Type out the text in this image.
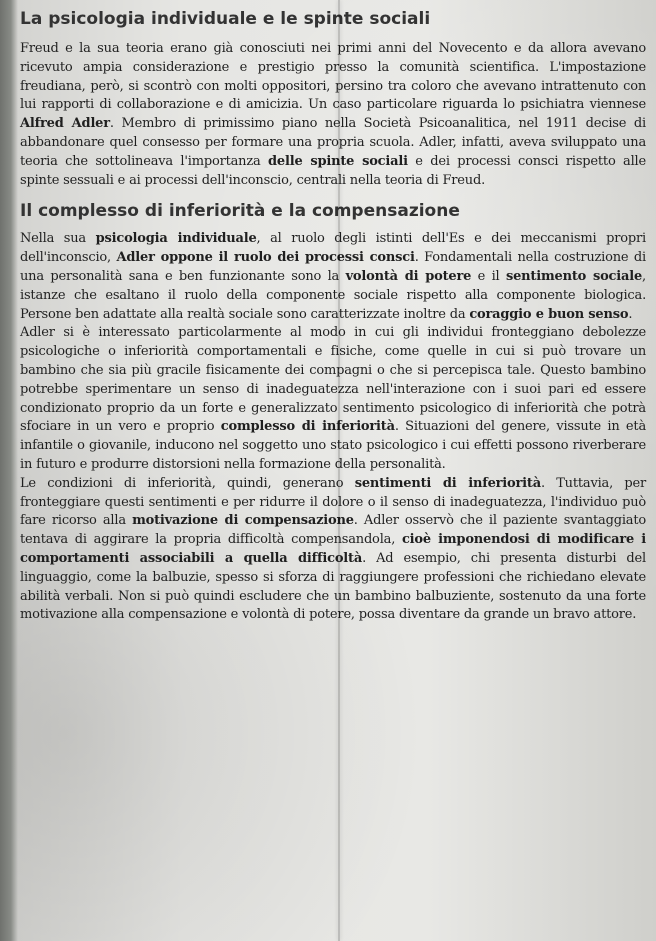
La psicologia individuale e le spinte sociali

Freud e la sua teoria erano già conosciuti nei primi anni del Novecento e da allora avevano ricevuto ampia considerazione e prestigio presso la comunità scientifica. L'impostazione freudiana, però, si scontrò con molti oppositori, persino tra coloro che avevano intrattenuto con lui rapporti di collaborazione e di amicizia. Un caso particolare riguarda lo psichiatra viennese Alfred Adler. Membro di primissimo piano nella Società Psicoanalitica, nel 1911 decise di abbandonare quel consesso per formare una propria scuola. Adler, infatti, aveva sviluppato una teoria che sottolineava l'importanza delle spinte sociali e dei processi consci rispetto alle spinte sessuali e ai processi dell'inconscio, centrali nella teoria di Freud.

Il complesso di inferiorità e la compensazione

Nella sua psicologia individuale, al ruolo degli istinti dell'Es e dei meccanismi propri dell'inconscio, Adler oppone il ruolo dei processi consci. Fondamentali nella costruzione di una personalità sana e ben funzionante sono la volontà di potere e il sentimento sociale, istanze che esaltano il ruolo della componente sociale rispetto alla componente biologica. Persone ben adattate alla realtà sociale sono caratterizzate inoltre da coraggio e buon senso.

Adler si è interessato particolarmente al modo in cui gli individui fronteggiano debolezze psicologiche o inferiorità comportamentali e fisiche, come quelle in cui si può trovare un bambino che sia più gracile fisicamente dei compagni o che si percepisca tale. Questo bambino potrebbe sperimentare un senso di inadeguatezza nell'interazione con i suoi pari ed essere condizionato proprio da un forte e generalizzato sentimento psicologico di inferiorità che potrà sfociare in un vero e proprio complesso di inferiorità. Situazioni del genere, vissute in età infantile o giovanile, inducono nel soggetto uno stato psicologico i cui effetti possono riverberare in futuro e produrre distorsioni nella formazione della personalità.

Le condizioni di inferiorità, quindi, generano sentimenti di inferiorità. Tuttavia, per fronteggiare questi sentimenti e per ridurre il dolore o il senso di inadeguatezza, l'individuo può fare ricorso alla motivazione di compensazione. Adler osservò che il paziente svantaggiato tentava di aggirare la propria difficoltà compensandola, cioè imponendosi di modificare i comportamenti associabili a quella difficoltà. Ad esempio, chi presenta disturbi del linguaggio, come la balbuzie, spesso si sforza di raggiungere professioni che richiedano elevate abilità verbali. Non si può quindi escludere che un bambino balbuziente, sostenuto da una forte motivazione alla compensazione e volontà di potere, possa diventare da grande un bravo attore.
